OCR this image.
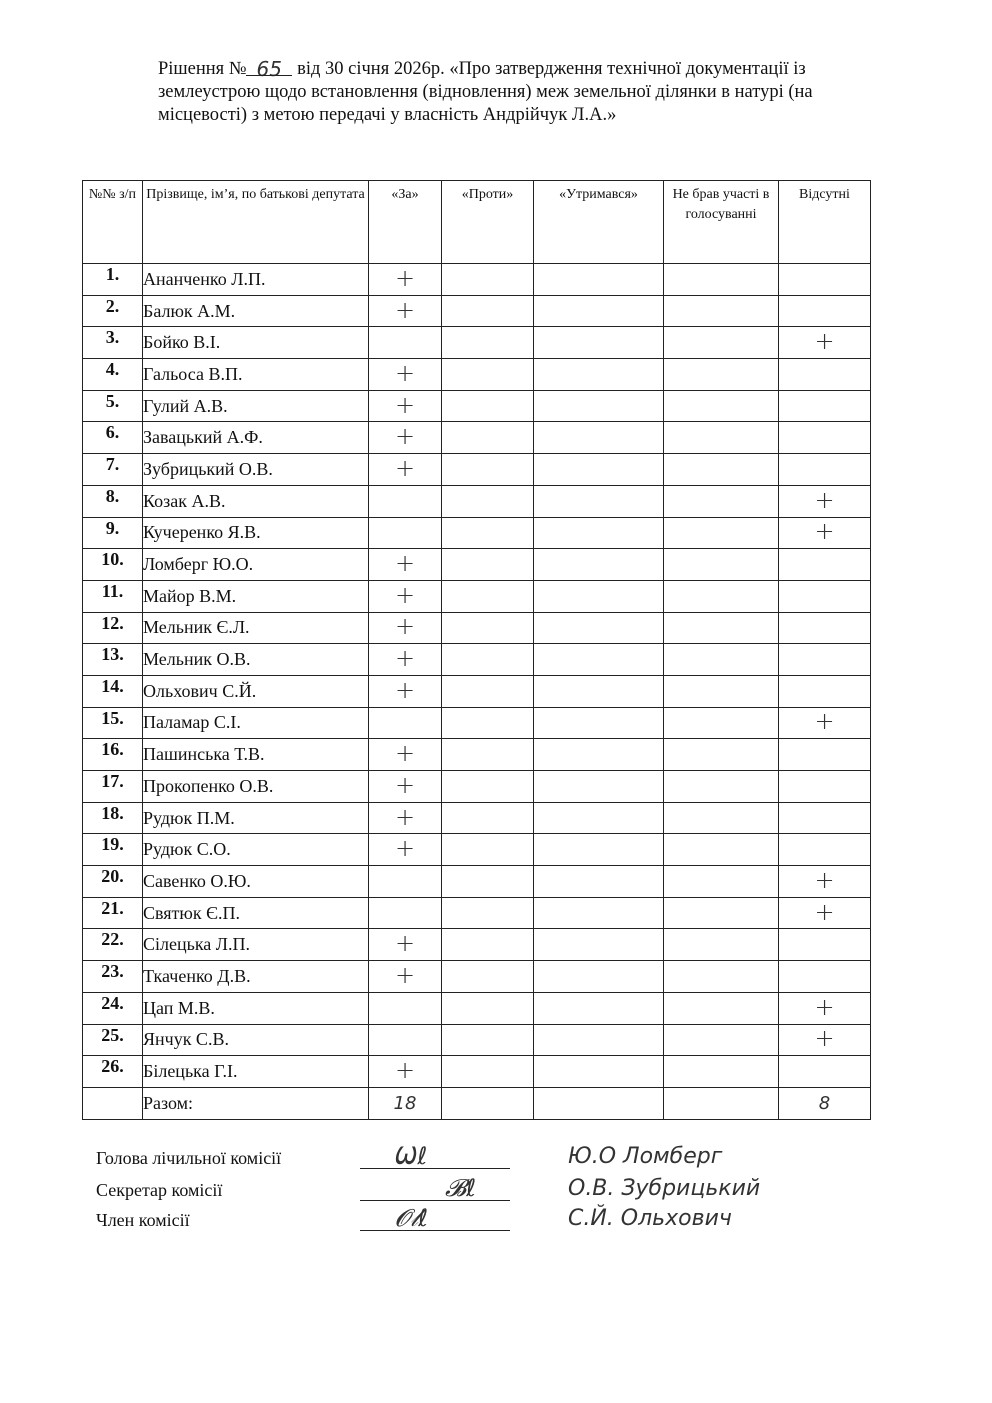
Рішення № 65 від 30 січня 2026р. «Про затвердження технічної документації із землеустрою щодо встановлення (відновлення) меж земельної ділянки в натурі (на місцевості) з метою передачі у власність Андрійчук Л.А.»
№№ з/п	Прізвище, ім’я, по батькові депутата	«За»	«Проти»	«Утримався»	Не брав участі в голосуванні	Відсутні
1.	Ананченко Л.П.	+				
2.	Балюк А.М.	+				
3.	Бойко В.І.					+
4.	Гальоса В.П.	+				
5.	Гулий А.В.	+				
6.	Завацький А.Ф.	+				
7.	Зубрицький О.В.	+				
8.	Козак А.В.					+
9.	Кучеренко Я.В.					+
10.	Ломберг Ю.О.	+				
11.	Майор В.М.	+				
12.	Мельник Є.Л.	+				
13.	Мельник О.В.	+				
14.	Ольхович С.Й.	+				
15.	Паламар С.І.					+
16.	Пашинська Т.В.	+				
17.	Прокопенко О.В.	+				
18.	Рудюк П.М.	+				
19.	Рудюк С.О.	+				
20.	Савенко О.Ю.					+
21.	Святюк Є.П.					+
22.	Сілецька Л.П.	+				
23.	Ткаченко Д.В.	+				
24.	Цап М.В.					+
25.	Янчук С.В.					+
26.	Білецька Г.І.	+				
	Разом:	18				8
Голова лічильної комісії	Ѡℓ	Ю.О Ломберг
Секретар комісії	𝓑ℓ	О.В. Зубрицький
Член комісії	𝓞𝓁ℓ	С.Й. Ольхович
